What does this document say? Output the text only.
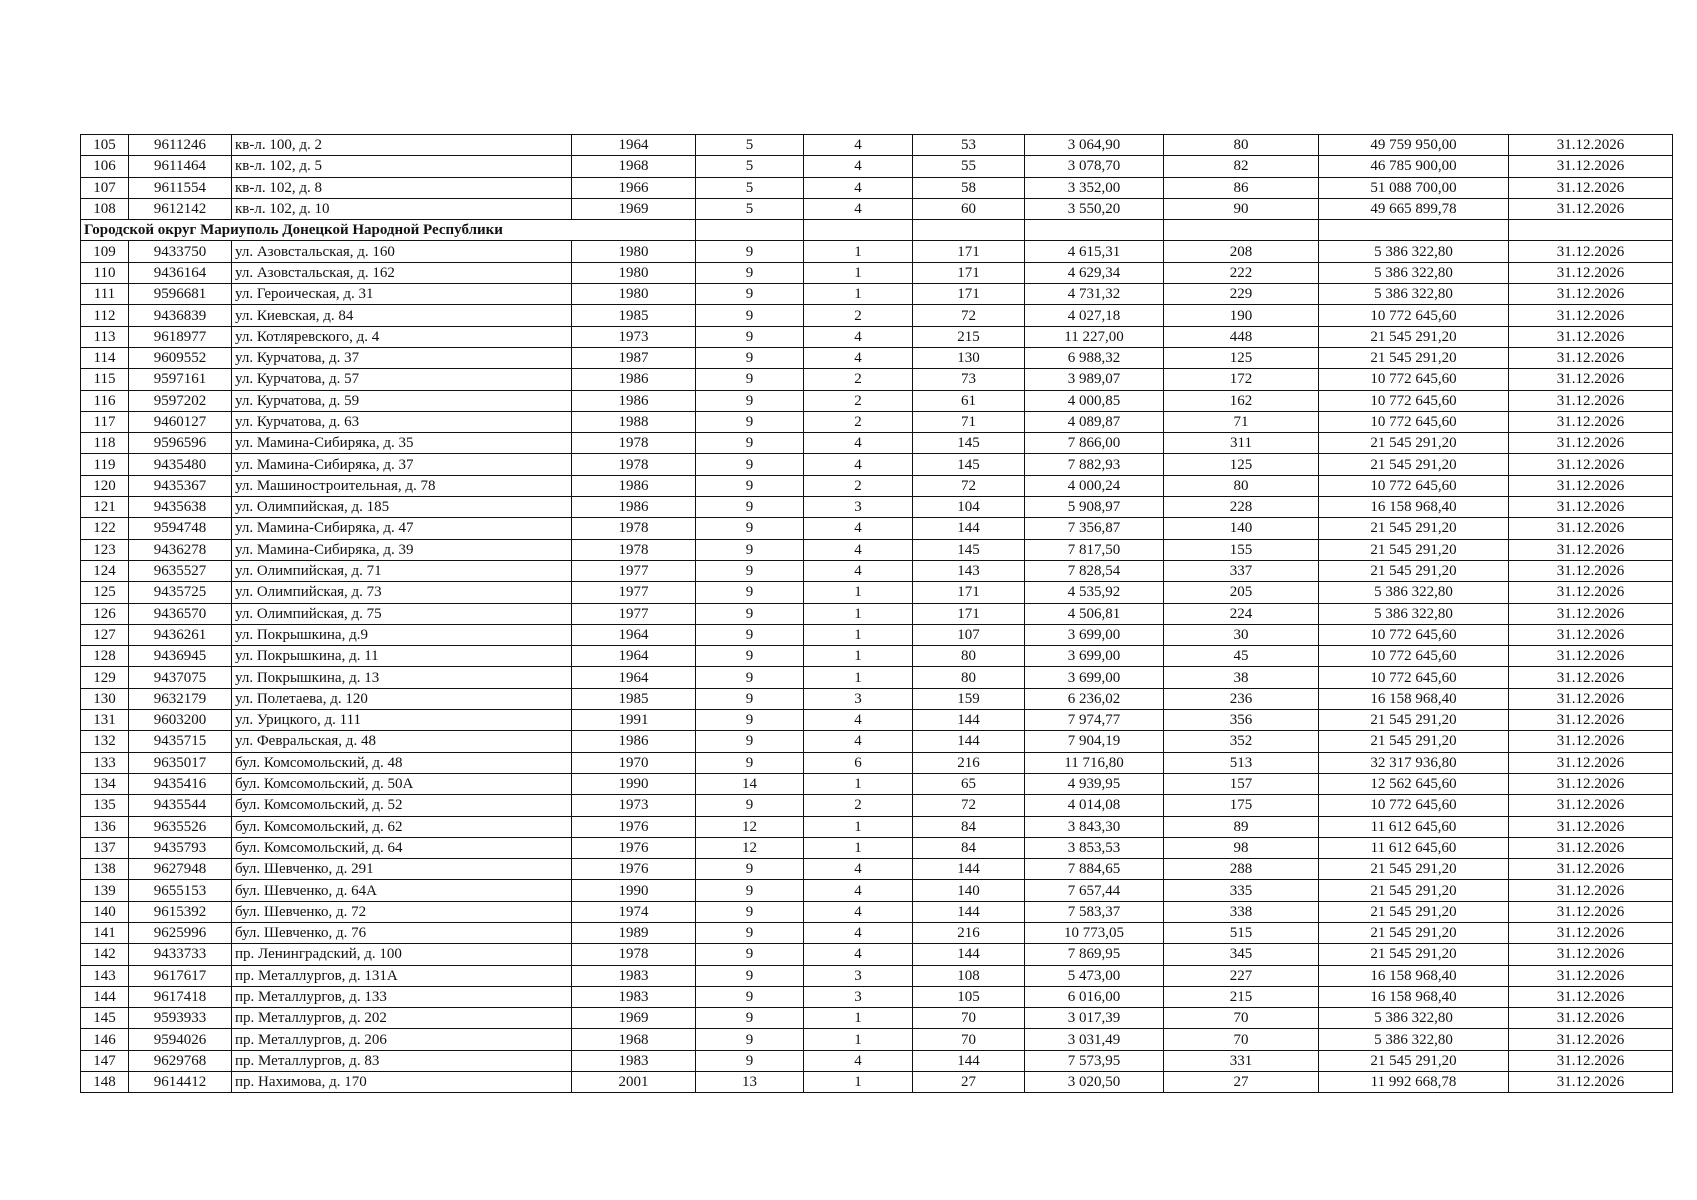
105	9611246	кв-л. 100, д. 2	1964	5	4	53	3 064,90	80	49 759 950,00	31.12.2026
106	9611464	кв-л. 102, д. 5	1968	5	4	55	3 078,70	82	46 785 900,00	31.12.2026
107	9611554	кв-л. 102, д. 8	1966	5	4	58	3 352,00	86	51 088 700,00	31.12.2026
108	9612142	кв-л. 102, д. 10	1969	5	4	60	3 550,20	90	49 665 899,78	31.12.2026
Городской округ Мариуполь Донецкой Народной Республики										
109	9433750	ул. Азовстальская, д. 160	1980	9	1	171	4 615,31	208	5 386 322,80	31.12.2026
110	9436164	ул. Азовстальская, д. 162	1980	9	1	171	4 629,34	222	5 386 322,80	31.12.2026
111	9596681	ул. Героическая, д. 31	1980	9	1	171	4 731,32	229	5 386 322,80	31.12.2026
112	9436839	ул. Киевская, д. 84	1985	9	2	72	4 027,18	190	10 772 645,60	31.12.2026
113	9618977	ул. Котляревского, д. 4	1973	9	4	215	11 227,00	448	21 545 291,20	31.12.2026
114	9609552	ул. Курчатова, д. 37	1987	9	4	130	6 988,32	125	21 545 291,20	31.12.2026
115	9597161	ул. Курчатова, д. 57	1986	9	2	73	3 989,07	172	10 772 645,60	31.12.2026
116	9597202	ул. Курчатова, д. 59	1986	9	2	61	4 000,85	162	10 772 645,60	31.12.2026
117	9460127	ул. Курчатова, д. 63	1988	9	2	71	4 089,87	71	10 772 645,60	31.12.2026
118	9596596	ул. Мамина-Сибиряка, д. 35	1978	9	4	145	7 866,00	311	21 545 291,20	31.12.2026
119	9435480	ул. Мамина-Сибиряка, д. 37	1978	9	4	145	7 882,93	125	21 545 291,20	31.12.2026
120	9435367	ул. Машиностроительная, д. 78	1986	9	2	72	4 000,24	80	10 772 645,60	31.12.2026
121	9435638	ул. Олимпийская, д. 185	1986	9	3	104	5 908,97	228	16 158 968,40	31.12.2026
122	9594748	ул. Мамина-Сибиряка, д. 47	1978	9	4	144	7 356,87	140	21 545 291,20	31.12.2026
123	9436278	ул. Мамина-Сибиряка, д. 39	1978	9	4	145	7 817,50	155	21 545 291,20	31.12.2026
124	9635527	ул. Олимпийская, д. 71	1977	9	4	143	7 828,54	337	21 545 291,20	31.12.2026
125	9435725	ул. Олимпийская, д. 73	1977	9	1	171	4 535,92	205	5 386 322,80	31.12.2026
126	9436570	ул. Олимпийская, д. 75	1977	9	1	171	4 506,81	224	5 386 322,80	31.12.2026
127	9436261	ул. Покрышкина, д.9	1964	9	1	107	3 699,00	30	10 772 645,60	31.12.2026
128	9436945	ул. Покрышкина, д. 11	1964	9	1	80	3 699,00	45	10 772 645,60	31.12.2026
129	9437075	ул. Покрышкина, д. 13	1964	9	1	80	3 699,00	38	10 772 645,60	31.12.2026
130	9632179	ул. Полетаева, д. 120	1985	9	3	159	6 236,02	236	16 158 968,40	31.12.2026
131	9603200	ул. Урицкого, д. 111	1991	9	4	144	7 974,77	356	21 545 291,20	31.12.2026
132	9435715	ул. Февральская, д. 48	1986	9	4	144	7 904,19	352	21 545 291,20	31.12.2026
133	9635017	бул. Комсомольский, д. 48	1970	9	6	216	11 716,80	513	32 317 936,80	31.12.2026
134	9435416	бул. Комсомольский, д. 50А	1990	14	1	65	4 939,95	157	12 562 645,60	31.12.2026
135	9435544	бул. Комсомольский, д. 52	1973	9	2	72	4 014,08	175	10 772 645,60	31.12.2026
136	9635526	бул. Комсомольский, д. 62	1976	12	1	84	3 843,30	89	11 612 645,60	31.12.2026
137	9435793	бул. Комсомольский, д. 64	1976	12	1	84	3 853,53	98	11 612 645,60	31.12.2026
138	9627948	бул. Шевченко, д. 291	1976	9	4	144	7 884,65	288	21 545 291,20	31.12.2026
139	9655153	бул. Шевченко, д. 64А	1990	9	4	140	7 657,44	335	21 545 291,20	31.12.2026
140	9615392	бул. Шевченко, д. 72	1974	9	4	144	7 583,37	338	21 545 291,20	31.12.2026
141	9625996	бул. Шевченко, д. 76	1989	9	4	216	10 773,05	515	21 545 291,20	31.12.2026
142	9433733	пр. Ленинградский, д. 100	1978	9	4	144	7 869,95	345	21 545 291,20	31.12.2026
143	9617617	пр. Металлургов, д. 131А	1983	9	3	108	5 473,00	227	16 158 968,40	31.12.2026
144	9617418	пр. Металлургов, д. 133	1983	9	3	105	6 016,00	215	16 158 968,40	31.12.2026
145	9593933	пр. Металлургов, д. 202	1969	9	1	70	3 017,39	70	5 386 322,80	31.12.2026
146	9594026	пр. Металлургов, д. 206	1968	9	1	70	3 031,49	70	5 386 322,80	31.12.2026
147	9629768	пр. Металлургов, д. 83	1983	9	4	144	7 573,95	331	21 545 291,20	31.12.2026
148	9614412	пр. Нахимова, д. 170	2001	13	1	27	3 020,50	27	11 992 668,78	31.12.2026
